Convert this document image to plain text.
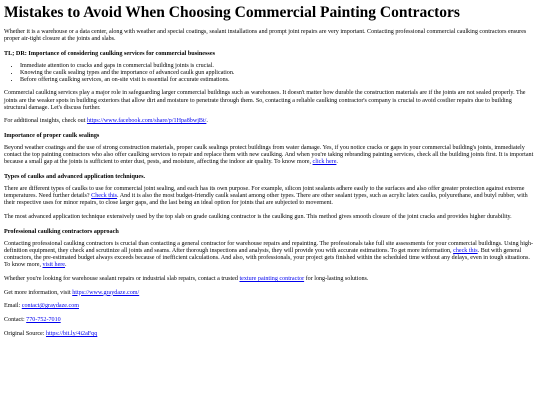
Mistakes to Avoid When Choosing Commercial Painting Contractors

Whether it is a warehouse or a data center, along with weather and special coatings, sealant installations and prompt joint repairs are very important. Contacting professional commercial caulking contractors ensures proper air-tight closure at the joints and slabs.

TL; DR: Importance of considering caulking services for commercial businesses
• Immediate attention to cracks and gaps in commercial building joints is crucial.
• Knowing the caulk sealing types and the importance of advanced caulk gun application.
• Before offering caulking services, an on-site visit is essential for accurate estimations.

Commercial caulking services play a major role in safeguarding larger commercial buildings such as warehouses. It doesn't matter how durable the construction materials are if the joints are not sealed properly. The joints are the weaker spots in building exteriors that allow dirt and moisture to penetrate through them. So, contacting a reliable caulking contractor's company is crucial to avoid costlier repairs due to building structural damage. Let's discuss further.

For additional insights, check out https://www.facebook.com/share/p/1Hpa8bwjBt/.

Importance of proper caulk sealings

Beyond weather coatings and the use of strong construction materials, proper caulk sealings protect buildings from water damage. Yes, if you notice cracks or gaps in your commercial building's joints, immediately contact the top painting contractors who also offer caulking services to repair and replace them with new caulking. And when you're taking rebranding painting services, check all the building joints first. It is important because a small gap at the joints is sufficient to enter dust, pests, and moisture, affecting the indoor air quality. To know more, click here.

Types of caulks and advanced application techniques.

There are different types of caulks to use for commercial joint sealing, and each has its own purpose. For example, silicon joint sealants adhere easily to the surfaces and also offer greater protection against extreme temperatures. Need further details? Check this. And it is also the most budget-friendly caulk sealant among other types. There are other sealant types, such as acrylic latex caulks, polyurethane, and butyl rubber, with their respective uses for minor repairs, to close larger gaps, and the last being an ideal option for joints that are subjected to movement.

The most advanced application technique extensively used by the top slab on grade caulking contractor is the caulking gun. This method gives smooth closure of the joint cracks and provides higher durability.

Professional caulking contractors approach

Contacting professional caulking contractors is crucial than contacting a general contractor for warehouse repairs and repainting. The professionals take full site assessments for your commercial buildings. Using high-definition equipment, they check and scrutinize all joints and seams. After thorough inspections and analysis, they will provide you with accurate estimations. To get more information, check this. But with general contractors, the pre-estimated budget always exceeds because of inefficient calculations. And also, with professionals, your project gets finished within the scheduled time without any delays, even in tough situations. To know more, visit here.

Whether you're looking for warehouse sealant repairs or industrial slab repairs, contact a trusted texture painting contractor for long-lasting solutions.

Get more information, visit https://www.graydaze.com/

Email: contact@graydaze.com

Contact: 770-752-7010

Original Source: https://bit.ly/4i2aFqq
